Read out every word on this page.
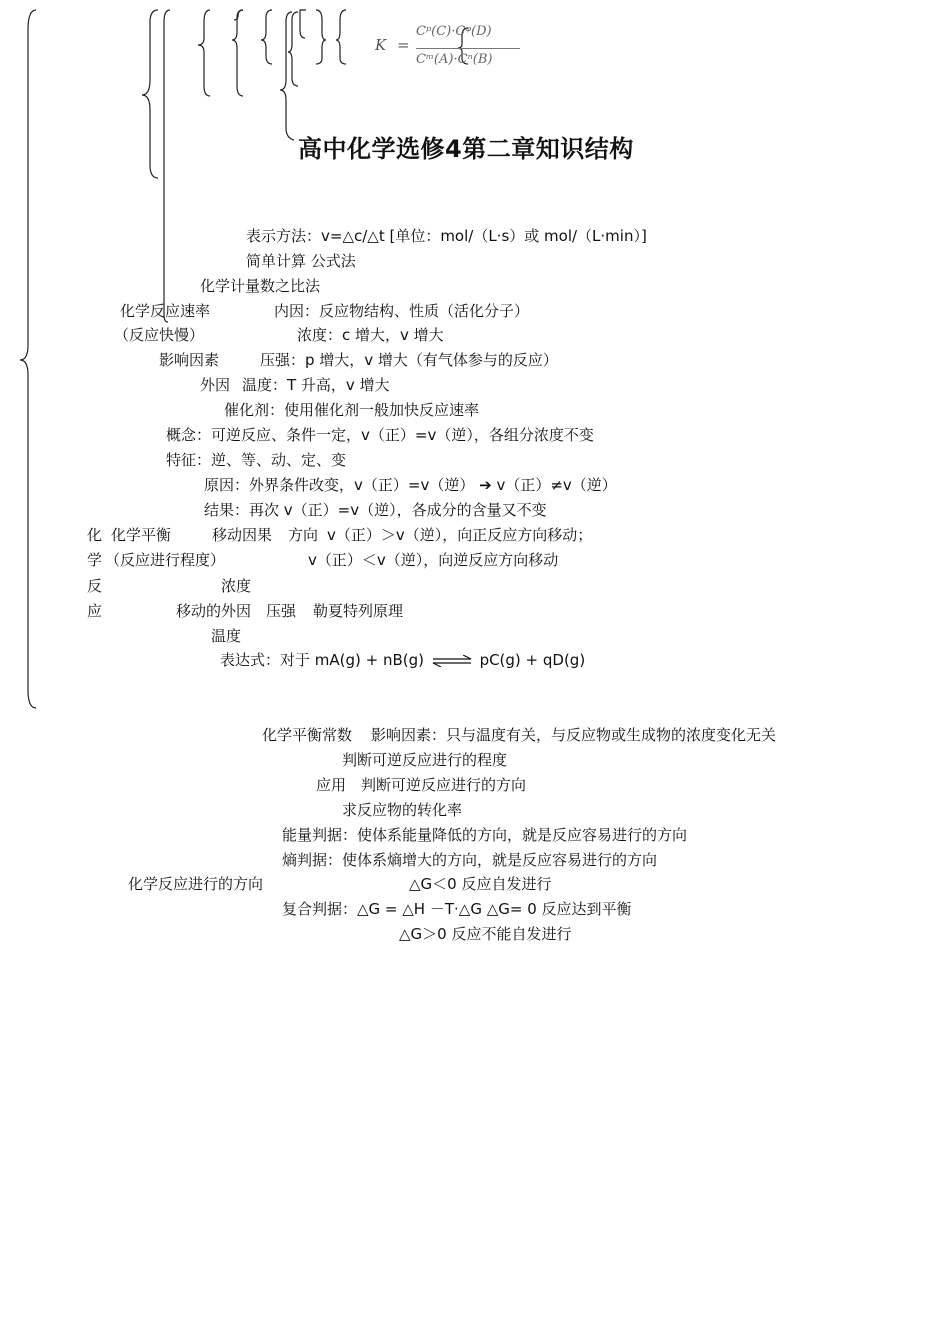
K =
Cᵖ(C)·Cᵠ(D)
Cᵐ(A)·Cⁿ(B)
高中化学选修4第二章知识结构
表示方法：v=△c/△t [单位：mol/（L·s）或 mol/（L·min）]
简单计算 公式法
化学计量数之比法
化学反应速率	内因：反应物结构、性质（活化分子）
（反应快慢）	浓度：c 增大，v 增大
影响因素	压强：p 增大，v 增大（有气体参与的反应）
外因 温度：T 升高，v 增大
催化剂：使用催化剂一般加快反应速率
概念：可逆反应、条件一定，v（正）=v（逆），各组分浓度不变
特征：逆、等、动、定、变
原因：外界条件改变，v（正）=v（逆） ➔ v（正）≠v（逆）
结果：再次 v（正）=v（逆），各成分的含量又不变
化 化学平衡	移动因果 方向 v（正）＞v（逆），向正反应方向移动；
学 （反应进行程度）	v（正）＜v（逆），向逆反应方向移动
反	浓度
应	移动的外因 压强 勒夏特列原理
温度
表达式：对于 mA(g) + nB(g) ⇌ pC(g) + qD(g)
化学平衡常数 影响因素：只与温度有关，与反应物或生成物的浓度变化无关
判断可逆反应进行的程度
应用 判断可逆反应进行的方向
求反应物的转化率
能量判据：使体系能量降低的方向，就是反应容易进行的方向
熵判据：使体系熵增大的方向，就是反应容易进行的方向
化学反应进行的方向	△G＜0 反应自发进行
复合判据：△G = △H －T·△G △G= 0 反应达到平衡
△G＞0 反应不能自发进行
